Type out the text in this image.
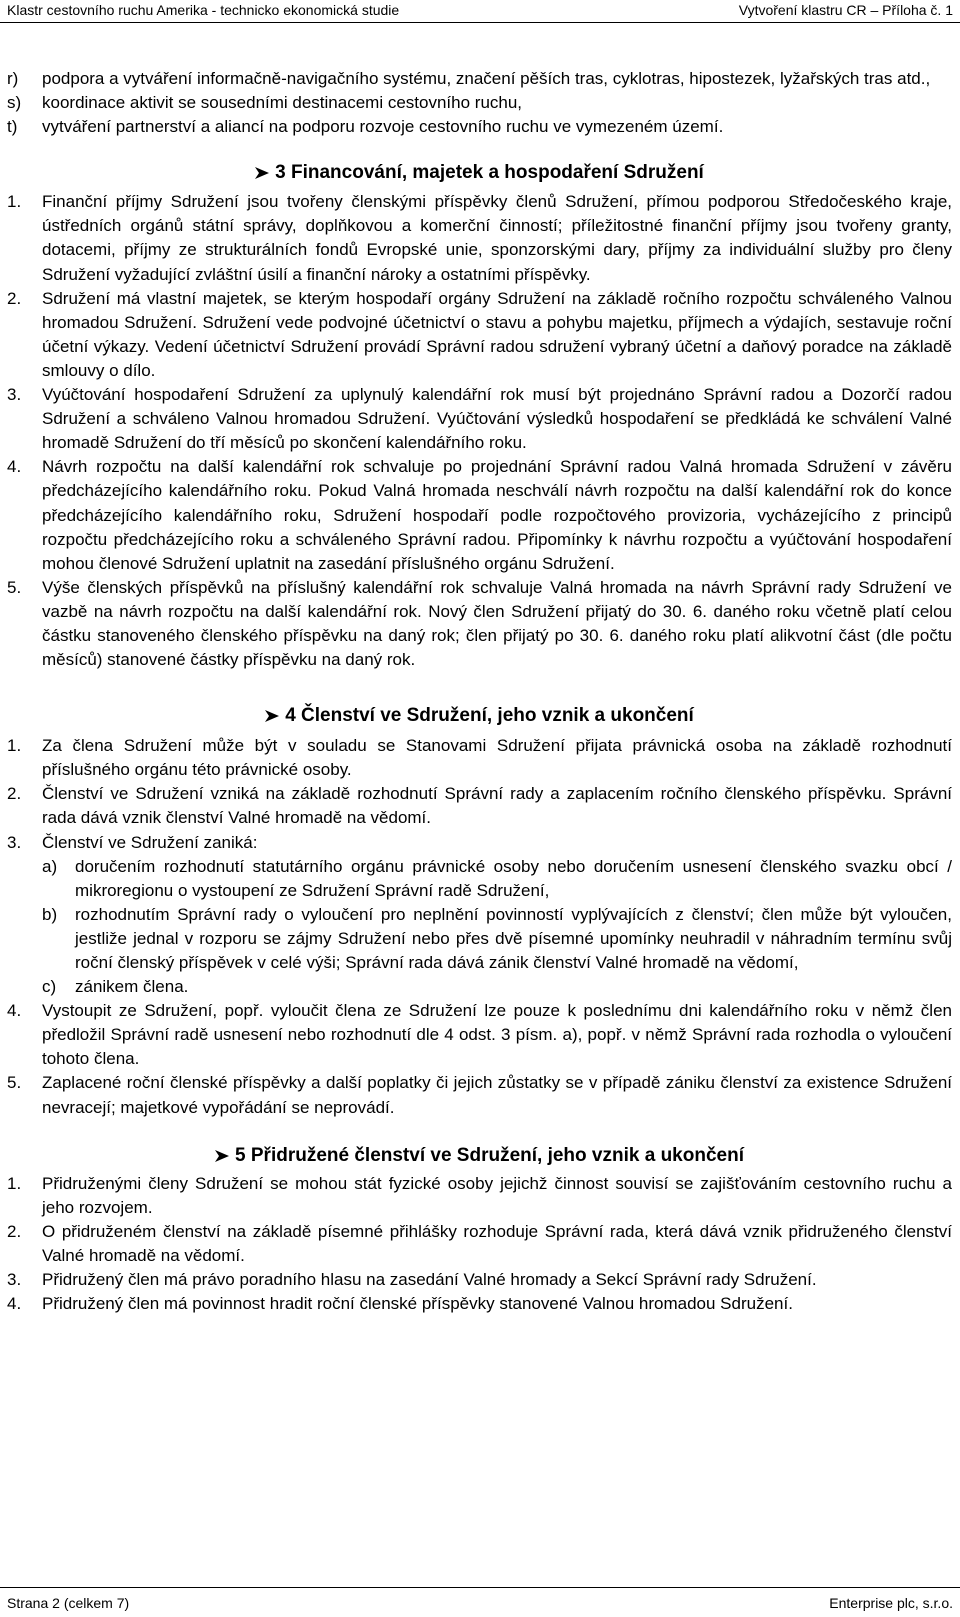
Klastr cestovního ruchu Amerika - technicko ekonomická studie	Vytvoření klastru CR – Příloha č. 1
r)	podpora a vytváření informačně-navigačního systému, značení pěších tras, cyklotras, hipostezek, lyžařských tras atd.,
s)	koordinace aktivit se sousedními destinacemi cestovního ruchu,
t)	vytváření partnerství a aliancí na podporu rozvoje cestovního ruchu ve vymezeném území.
3 Financování, majetek a hospodaření Sdružení
1.	Finanční příjmy Sdružení jsou tvořeny členskými příspěvky členů Sdružení, přímou podporou Středočeského kraje, ústředních orgánů státní správy, doplňkovou a komerční činností; příležitostné finanční příjmy jsou tvořeny granty, dotacemi, příjmy ze strukturálních fondů Evropské unie, sponzorskými dary, příjmy za individuální služby pro členy Sdružení vyžadující zvláštní úsilí a finanční nároky a ostatními příspěvky.
2.	Sdružení má vlastní majetek, se kterým hospodaří orgány Sdružení na základě ročního rozpočtu schváleného Valnou hromadou Sdružení. Sdružení vede podvojné účetnictví o stavu a pohybu majetku, příjmech a výdajích, sestavuje roční účetní výkazy. Vedení účetnictví Sdružení provádí Správní radou sdružení vybraný účetní a daňový poradce na základě smlouvy o dílo.
3.	Vyúčtování hospodaření Sdružení za uplynulý kalendářní rok musí být projednáno Správní radou a Dozorčí radou Sdružení a schváleno Valnou hromadou Sdružení. Vyúčtování výsledků hospodaření se předkládá ke schválení Valné hromadě Sdružení do tří měsíců po skončení kalendářního roku.
4.	Návrh rozpočtu na další kalendářní rok schvaluje po projednání Správní radou Valná hromada Sdružení v závěru předcházejícího kalendářního roku. Pokud Valná hromada neschválí návrh rozpočtu na další kalendářní rok do konce předcházejícího kalendářního roku, Sdružení hospodaří podle rozpočtového provizoria, vycházejícího z principů rozpočtu předcházejícího roku a schváleného Správní radou. Připomínky k návrhu rozpočtu a vyúčtování hospodaření mohou členové Sdružení uplatnit na zasedání příslušného orgánu Sdružení.
5.	Výše členských příspěvků na příslušný kalendářní rok schvaluje Valná hromada na návrh Správní rady Sdružení ve vazbě na návrh rozpočtu na další kalendářní rok. Nový člen Sdružení přijatý do 30. 6. daného roku včetně platí celou částku stanoveného členského příspěvku na daný rok; člen přijatý po 30. 6. daného roku platí alikvotní část (dle počtu měsíců) stanovené částky příspěvku na daný rok.
4 Členství ve Sdružení, jeho vznik a ukončení
1.	Za člena Sdružení může být v souladu se Stanovami Sdružení přijata právnická osoba na základě rozhodnutí příslušného orgánu této právnické osoby.
2.	Členství ve Sdružení vzniká na základě rozhodnutí Správní rady a zaplacením ročního členského příspěvku. Správní rada dává vznik členství Valné hromadě na vědomí.
3.	Členství ve Sdružení zaniká:
a)	doručením rozhodnutí statutárního orgánu právnické osoby nebo doručením usnesení členského svazku obcí / mikroregionu o vystoupení ze Sdružení Správní radě Sdružení,
b)	rozhodnutím Správní rady o vyloučení pro neplnění povinností vyplývajících z členství; člen může být vyloučen, jestliže jednal v rozporu se zájmy Sdružení nebo přes dvě písemné upomínky neuhradil v náhradním termínu svůj roční členský příspěvek v celé výši; Správní rada dává zánik členství Valné hromadě na vědomí,
c)	zánikem člena.
4.	Vystoupit ze Sdružení, popř. vyloučit člena ze Sdružení lze pouze k poslednímu dni kalendářního roku v němž člen předložil Správní radě usnesení nebo rozhodnutí dle 4 odst. 3 písm. a), popř. v němž Správní rada rozhodla o vyloučení tohoto člena.
5.	Zaplacené roční členské příspěvky a další poplatky či jejich zůstatky se v případě zániku členství za existence Sdružení nevracejí; majetkové vypořádání se neprovádí.
5 Přidružené členství ve Sdružení, jeho vznik a ukončení
1.	Přidruženými členy Sdružení se mohou stát fyzické osoby jejichž činnost souvisí se zajišťováním cestovního ruchu a jeho rozvojem.
2.	O přidruženém členství na základě písemné přihlášky rozhoduje Správní rada, která dává vznik přidruženého členství Valné hromadě na vědomí.
3.	Přidružený člen má právo poradního hlasu na zasedání Valné hromady a Sekcí Správní rady Sdružení.
4.	Přidružený člen má povinnost hradit roční členské příspěvky stanovené Valnou hromadou Sdružení.
Strana 2 (celkem 7)	Enterprise plc, s.r.o.
